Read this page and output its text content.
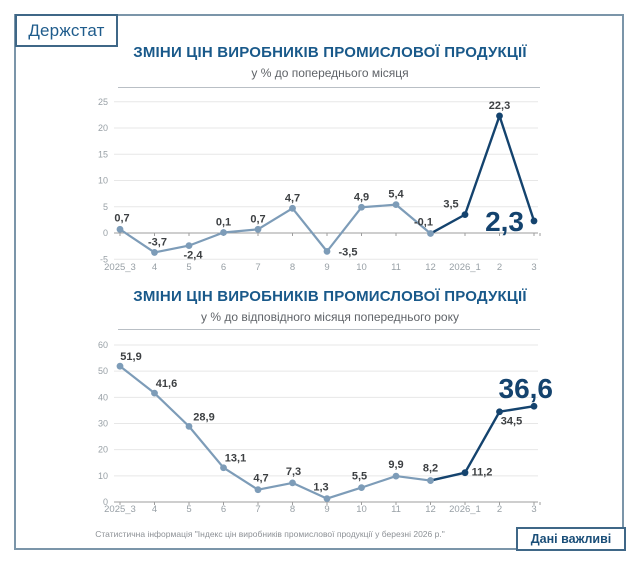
Держстат
ЗМІНИ ЦІН ВИРОБНИКІВ ПРОМИСЛОВОЇ ПРОДУКЦІЇ
у % до попереднього місяця
-5
0
5
10
15
20
25
0,7
-3,7
-2,4
0,1 0,7
4,7
-3,5
4,9 5,4
-0,1
3,5
22,3
2,3
2025_3 4	5	6	7	8	9	10	11	12 2026_1 2	3
ЗМІНИ ЦІН ВИРОБНИКІВ ПРОМИСЛОВОЇ ПРОДУКЦІЇ
у % до відповідного місяця попереднього року
0
10
20
30
40
50
60
51,9
41,6
28,9
13,1
4,7
7,3
1,3
5,5
9,9 8,2	11,2
34,5
36,6
2025_3 4	5	6	7	8	9	10	11	12 2026_1 2	3
Статистична інформація "Індекс цін виробників промислової продукції у березні 2026 р."	Дані важливі
